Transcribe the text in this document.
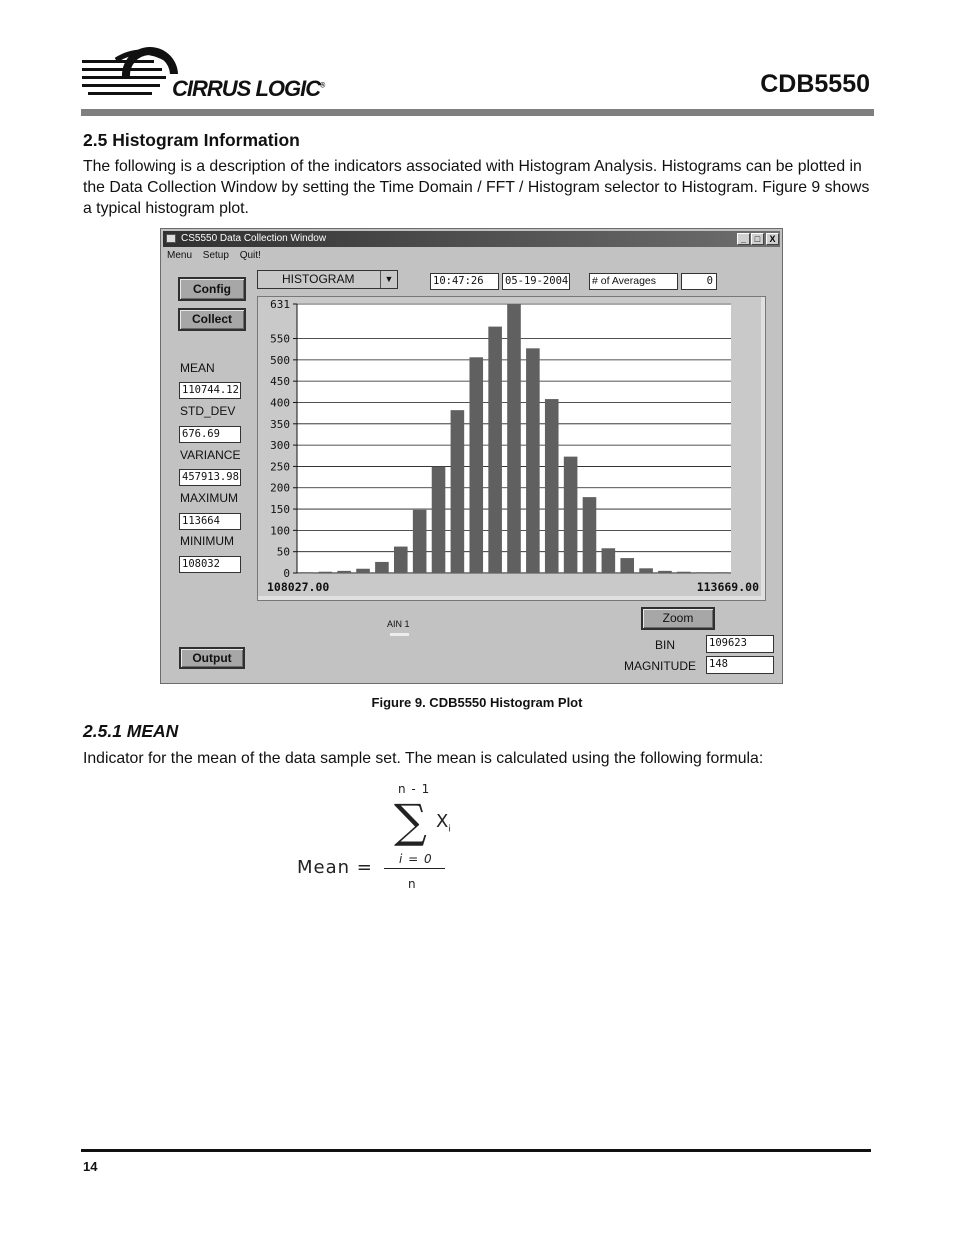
CIRRUS LOGIC®	CDB5550
2.5 Histogram Information
The following is a description of the indicators associated with Histogram Analysis. Histograms can be plotted in the Data Collection Window by setting the Time Domain / FFT / Histogram selector to Histogram. Figure 9 shows a typical histogram plot.
CS5550 Data Collection Window	_ □	X
Menu Setup Quit!
Config
Collect
MEAN
110744.12
STD_DEV
676.69
VARIANCE
457913.98
MAXIMUM
113664
MINIMUM
108032
Output
HISTOGRAM	▼	10:47:26	05-19-2004 # of Averages	0
0
50
100
150
200
250
300
350
400
450
500
550
631
108027.00	113669.00
AIN 1	Zoom
BIN	109623
MAGNITUDE 148
Figure 9. CDB5550 Histogram Plot
2.5.1 MEAN
Indicator for the mean of the data sample set. The mean is calculated using the following formula:
n - 1
∑ $X_i$
i = 0
Mean =
n
14
